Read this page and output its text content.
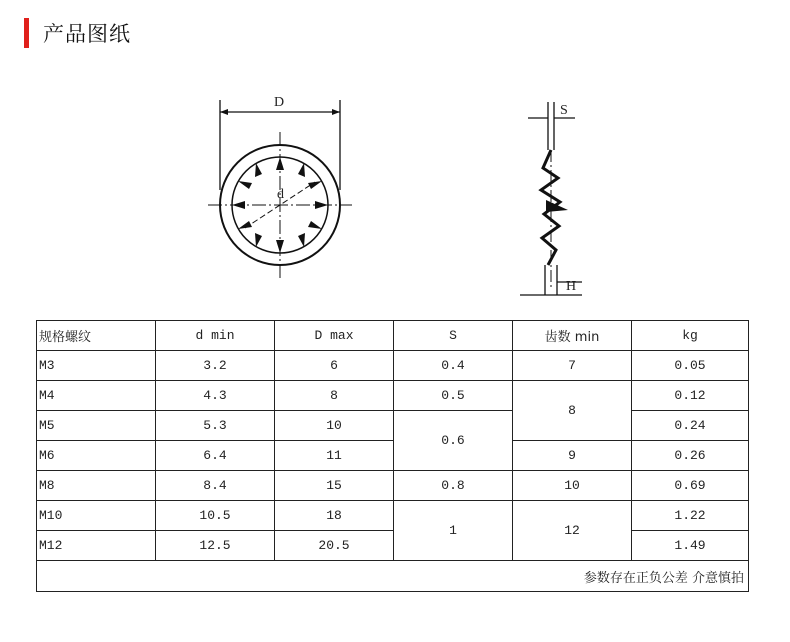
产品图纸
D
d
S
H
规格螺纹	d min	D max	S	齿数 min	kg
M3	3.2	6	0.4	7	0.05
M4	4.3	8	0.5	8	0.12
M5	5.3	10	0.6		0.24
M6	6.4	11		9	0.26
M8	8.4	15	0.8	10	0.69
M10	10.5	18	1	12	1.22
M12	12.5	20.5			1.49
参数存在正负公差 介意慎拍					
